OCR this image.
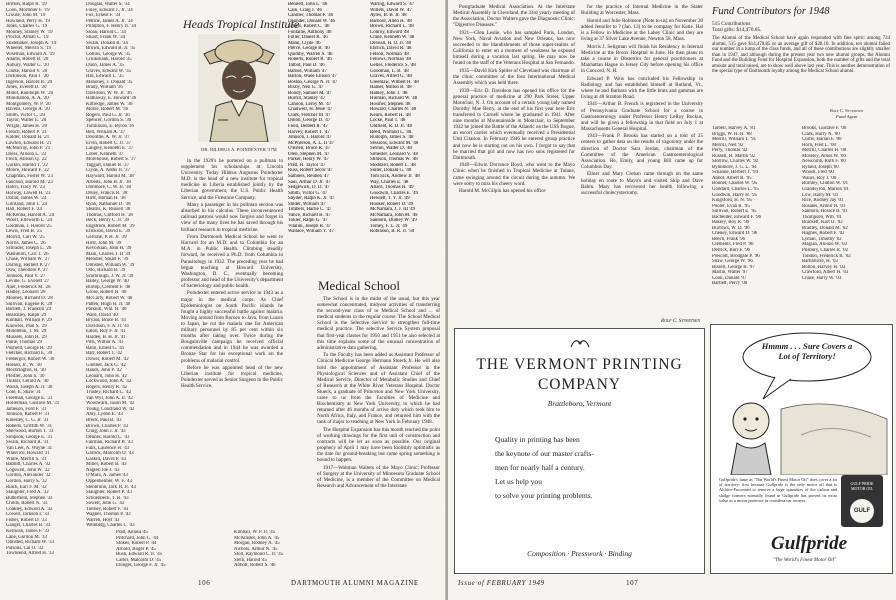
Britton, Ralph R. '19
Coon, Mortimer F. '19
Crouse, John M. '19
Howland, Perry H. '19
Jones, Charles G. '19
Mooney, Stanley W. '19
Proctor, Alman C. '19
Studebaker, Joseph A. '19
Wheeler, Melvin S. '19
Wiseman, Edward A. '19
Adams, Robert B. '20
Aubury, Walter G. '20
Clarke, Harold V. '20
Dickinson, Paul J. '20
Ingersoll, Harold B. '20
Jones, Everett D. '20
Miller, Randolph W. '20
Minidiation, A. A. '20
Montgomery, W. P. '20
Ravens, George A. '20
Smith, Victor C. '20
Taylor, Walter E. '20
Wright, James H. '20
French, Robert P. '21
Kidder, Donald H. '21
Lawton, Edward H. '21
McMurray, John P. '21
Davis, Allison L. '22
Finch, Allison Q. '22
Gurkin, Harold T. '22
Moore, Howard F. '22
Chapman, Foster W. '23
Fanchon, Harold M. '23
Hatch, Tracy W. '23
Holway, Lowell H. '23
Dollar, James W. '24
Gilliland, John T. '24
Hall, Robert F. '24
McKenna, Harold A. '24
Woolf, Ellsworth L. '24
Goldman, J. Harold '25
Lewis, Fred B. '25
Morrill, Carl W. '25
Norris, James C. '26
Schrader, Joseph L. '26
Washburn, Carl T. '26
Chase, William W. '27
Darling, Herbert P. '27
Dow, Theodore P. '27
Johnson, Paul V. '27
Levine, G. Everett '27
Auer, Frederick M. '28
Hadley, Leonard '28
Mooney, Richard D. '28
Sullivan, Eugene R. '28
Bartlett, J. Franklin '29
Beardsley, Ralph '29
Kimball, William P. '29
Knowles, Paul S. '29
Middleton, T. M. '29
Mussels, John H. '29
Paine, Thomas '29
Pusfield, George H. '29
Fletcher, Richard E. '30
Frebergor, Robert W. '30
Holsen, Jr., W. '30
Mochrington, H. '30
Pfeiffer, John S. '30
Tinkler, Gerald A. '30
Walsh, Joseph A. Jr. '30
Cole, E. Shaw '31
Freeman, George E. '31
Hollerman, Gustave M. '31
Jameson, Ford F. '31
Johnson, Robert P. '31
Kinesiey, C. G. Jr. '31
Roberts, Griffith W. '31
Sherwood, Burton T. '31
Simpson, George E. '31
Swain, Richard R. '31
Van Leer, A. Wayne '31
Wlasvico, Howard '31
White, Merrill S. '31
Babbitt, Charles A. '32
Cogswell, John W. '32
Gordon, Alexander '32
Gordon, Harry S. '32
Riach, Earl F. M. '32
Slaughter, Fred A. '32
Butterfield, Stephen '33
Childs, Robert N. '33
Coakley, Edward A. '33
Cowell, Jackson I. '33
Fisher, Robert D. '33
Gauger, Charles B. '33
Kerruish, James F. '33
Lane, Gordon M. '33
Olmsted, Richard W. '33
Parsons, Cal O. '33
Townsend, Alfred H. '33
Douglas, Walter S. '34
Foley, Edward J., Jr. '34
Fox, Ernest F. '34
Petrine, James A. Jr. '34
Plimpton, F. Henry Jr. '34
Sloan, Harold C. '34
Stuart, Frank W. '34
Swain, Donald R. '34
Brown, Edward B. Jr. '35
Collins, George W. '35
Cruikshank, Harold '35
Dunn, James A. '35
Graves, Edward W. '35
Hill, Edward L. '35
Mahoney, J. Donald '35
Brady, William '36
Davidson, W. W. Jr. '36
Hathaway, E. Howard '36
Kittredge, James W. '36
Morse, Robert M. '36
Rogers, Paul G. Jr. '36
Spencer, Gordon S. '36
Tomlinson, E. Byron '36
Bell, William A. '37
Doolittle, A. W. Jr. '37
Ervin, Robert C. Jr. '37
Langley, Kenneth E. '37
Lober, Kenneth '37
Morehouse, Robert S. '37
Taggart, Daniel B. '37
Clyde, A. Addis Jr. '37
Hayward, Harold M. '38
Arbeitz, John B. Jr. '38
Dimmore, C. W. Jr. '38
Druey, Francis R. '38
Hirst, Homan H. '38
Ryan, Nathaniel D. '38
Stearns, K. Russell '38
Thomas, Clifford H. '38
Beck, Henry C. Jr. '39
Engstrom, Robert M. '39
Erickson, David E. '39
Gerrone, P. H. Jr. '39
Hirst, John M. '39
Kevorkian, John H. '39
Main, Charles T. II '39
Mendier, Stuart F. '39
Olmsted, William W. '39
Otto, Richard B. '39
Scarbrough, J. W. Jr. '39
Bailey, George W. '40
Burtop, Clement F. '40
Grose, Robert H. '40
McCarty, Robert W. '40
Patten, Hugh H. Jr. '40
Parkhill, Wm. H. '40
Ward, David '40
Bryant, Bruce B. '41
Davidson, F. A. Jr. '41
Eaton, Roy F. Jr. '41
Hardee, B. H. Jr. '41
Pitts, Wilbur A. '41
Rahn, Ernest G. '41
Barr, Robert T. '42
Dower, Robert M. '42
Gunther, Jack G. '42
Hands, John P. '42
Leonard, John H. '42
Lockwood, John A. '42
Rogers, Henry R. '42
Trustey, Richard C. '42
Van Wyl, John A. Jr. '42
Woodward, Jason M. '42
Young, Courtland W. '42
Amy, Lydon E. '43
Breck, Paul B. '43
Brown, Charles P. '43
Craig, John J. Jr. '43
Dennes, Harold C. '43
Fairman, Richard B. '43
Falls, Laurence H. '43
Garlick, Malcolm O. '43
Gaskill, David P. '43
Miller, Robert B. '43
Nagler, Joe J. '43
O'Mara, A. James '43
Oppenheimer, W. F. '43
Stenbrunn, Jack H. Jr. '43
Slaughter, Robert P. '43
Schoenbeck, T. R. '43
Sowell, John G. '43
Tierney, Robert F. '43
Wagner, Thomas P. '43
Warren, Hoyt '43
Weinberg, Charles L. '43
Pratt, Amasa '45
Pritchard, John C. '44
Stokes, Robert P. '44
Arnold, Roger P. '45
Bush, Edward R. Jr. '45
Carter, Malcolm D. '45
Ehinger, George F. Jr. '45
Heads Tropical Institute
DR. HILDRUS A. POINDEXTER '27M

In the 1920's he portered on a pullman to supplement his scholarships at Lincoln University. Today Hildrus Augustus Poindexter M.D. is the head of a new institute for tropical medicine in Liberia established jointly by the Liberian government, the U.S. Public Health Service, and the Firestone Company.

Many a passenger in his pullman section was absorbed in his calculus. These inconvenienced railroad patrons would now forgive and forget in view of the many lives he has saved through his brilliant research in tropical medicine.

From Dartmouth Medical School he went to Harvard for an M.D. and to Columbia for an M.A. in Public Health. Climbing steadily forward, he received a Ph.D. from Columbia in Parasitology in 1932. The preceding year he had begun teaching at Howard University, Washington, D. C., eventually becoming professor and head of the University's department of bacteriology and public health.

Poindexter entered active service in 1943 as a major in the medical corps. As Chief Epidemiologist on South Pacific islands he fought a highly successful battle against malaria. Moving around from Borneo to Java, from Luzon to Japan, he cut the malaria rate for American military personnel by 85 per cent within six months after taking over. Twice during the Bougainville campaign he received official commendation and in 1944 he was awarded a Bronze Star for his exceptional work on the problems of malarial control.

Before he was appointed head of the new Liberian institute for tropical medicine, Poindexter served as Senior Surgeon in the Public Health Service.

Medical School

The School is in the midst of the usual, but this year somewhat concentrated, midyear activities of transferring the second-year class of to Medical School and ... of medical students in the regular course. The School Medical School is the Selective Service to strengthen full-time medical practice. The selective Service System proposal that first-year classes for 1950 and 1951 be also selected at this time explains some of the unusual concentration of administrative data gathering.

To the Faculty has been added as Assistant Professor of Clinical Medicine George Hermann Stueck Jr. He will also hold the appointment of Assistant Professor in the Physiological Sciences and of Assistant Chief of the Medical Service, Director of Metabolic Studies and Chief of Research at the White River Veterans Hospital. Doctor Stueck, a graduate of Princeton and New York University, came to us from the Faculties of Medicine and Biochemistry at New York University, to which he had returned after 46 months of active duty which took him to North Africa, Italy, and France, and returned him with the rank of major to teaching at New York in February 1948.

The Hospital Expansion has this month reached the point of working drawings for the first unit of construction and contracts will be let as soon as possible. Our original prophecy of April 1 may have been foolishly optimistic as the date for ground-breaking but come spring something is bound to happen.

1917—Waltman Walters of the Mayo Clinic, Professor of Surgery at the University of Minnesota Graduate School of Medicine, is a member of the Committee on Medical Research and Advancement of the Interstate

Kimball, W. P. Jr. '45
McAllister, John A. '45
Morgan, Rodney A. '45
Nichols, Arthur N. '45
Stoll, Raymond C. Jr. '45
Stein, Harold '45
Abbott, Robert S. '46
106	DARTMOUTH ALUMNI MAGAZINE
Bennett, John L. '46
Cain, Craig J. '46
Candler, Thomas F. '46
Daunder, Donald W. '46
Eckels, Robert C. '46
Fontaine, Anthony '46
Fuller, Daniel B. '46
Mann, Clyde '46
Pierce, George B. '46
Quimby, Warren S. '46
Roberts, Robert R. '46
Talbot, Paul D. '46
Barnes, William '47
Barton, Wade Ellison '47
Boston, George N. Jr. '47
Bixby, Neil G. '47
Boody, Samuel M. '47
Burrill, Stanley '47
Cahoon, Leroy M. '47
Chadwell, H. Jesse '47
Clark, Fletcher III '47
Dillon, George D. '47
Field, Delbert R. '47
Harvey, Robert T. '47
Johnson, J. Harold '47
McPherson, A. L. II '47
O'Brien, Bruce R. '47
Olen, Stephen M. '47
Parker, Henry W. '47
Pratt, H. Taylor '47
Russ, Robert Secor '47
Samuels, Reuben '47
Saul, Arthur D. Jr. '47
Sedgewick, D. D. '47
Smith, Victor G. '47
Snyder, Ralph K. Jr. '47
Snider, William '47
Timbers, Harlie C. '47
Vance, Richard B. '47
Tokler, Ralph G. '47
Vitalini, Joseph B. '47
Wallace, William Y. '47
Waring, Edward S. '47
Willets, David W. '47
Ayres, B. B. Jr. '48
Barbour, Allen H. '48
Brown, Richard L. '48
Conroy, Edward '48
Crane, Kenneth W. '48
Deveall, H. O. Jr. '48
Ehrlich, David R. '48
Fefson, Norman '48
Fellows, Norman '48
Gelles, Frederick S. '48
Goodman, L. B. '48
Graves, Alfred G. '48
Greenlaw, Wilbert H. '48
Hamer, Milton B. '48
Hanley, John T. '48
Hinman, Richard W. '48
Hosmer, Stephen '48
Howard, Charles N. '48
Kearn, Robert H. '48
Locke, Paul T. '48
Oldfield, R. D. Jr. '48
Reed, Warland L. '48
Rudolph, James S. '48
Sessions, Edward M. '48
Sexton, Walter D. '48
Simester, Leonard V. '48
Stimson, Thomas W. '48
Stoddard, Robert L. '48
Suiter, Donald G. '48
Tom Eick, Andrew Jr. '48
Way, Charles E. '48
Allard, Thomas H. '49
Goodwin, Charles E. '49
Hewlett, T. Y. Jr. '49
Hooker, Robert D. '49
McNamara, J. J. III '49
McNamara, John M. '49
Sanborn, Dudley W. '49
Tomey, F. L. Jr. '49
Robinson, R. R. Jr. '50

Postgraduate Medical Association. At the Interstate Medical Assembly in Cleveland, the 33rd yearly meeting of the Association, Doctor Walters gave the Diagnostic Clinic: "Digestive Diseases."

1921—Glen Leslie, who has sampled Paris, London, New York, Naval Aviation and New Orleans, has now succeeded to the blandishments of those super-realms of California to enter on a moment of weakness he exposed himself during a vacation last spring. He may now be found on the staff of the Veterans Hospital at San Fernando.

1935—David Kirk Spitler of Cleveland was chairman of the clinic committee of the four Intermational Medical Assembly which was held there.

1939—Eric D. Davidson has opened his office for the general practice of medicine at 290 Park Street, Upper Montclair, N. J. On account of a certain young lady named Dorothy Mae Berry, at the end of his first year here Eric transferred to Cornell where he graduated in 1941. After nine months at Mountainside in Montclair, in September 1942 he joined the Battle of the Atlantic on the USS Bogue, an escort carrier which eventually received a Presidential Unit Citation. In February 1946 he entered group practice and now he is starting out on his own. I forgot to say that he married that girl and now has two sons registered for Dartmouth.

1940—Edwin Dorrance Boyd, who went to the Mayo Clinic when he finished in Tropical Medicine at Tulane, came swinging around the circuit during the autumn. We were sorry to miss his cheery word.

Harold M. McGilpin has opened his office

for the practice of Internal Medicine in the Slater Building at Worcester, Mass.

Harold and Julie Robinson (Note to-us) on November 30 added Jennifer to ? (Jan. 13) to be company for Katie. Hal is a Fellow in Medicine at the Lahey Clinic and they are living at 37 Silver Lake Avenue, Newton 58, Mass.

Morris J. Seligman will finish his Residency in Internal Medicine at the Bronx Hospital in June. He then plans to take a course in Obstetrics for general practitioners at Manhattan Hague in Jersey City before opening his office in Concord, N. H.

Edward P. Weis has concluded his Fellowship in Radiology and has established himself at Rutland, Vt., where he and Barbara with the little brats and gammas are living at 48 Stratton Road.

1941—Arthur B. French is registered in the University of Pennsylvania Graduate School for a course in Gastroenterology under Professor Henry LeRoy Bockus, and will be given a fellowship in that field on July 1 at Massachusetts General Hospital.

1943—Frank P. Brooks has started on a tour of 25 centers to gather data on the results of vagotomy under the direction of Doctor Sara Jordan, chairman of the Committee of the American Gastroenterological Association. He, Emily, and young Bill came up for Columbus Day.

Elmer and Mary Creban came through on the same holiday en route to Mayo's and visited Skip and Dave Rabin. Mary has recovered her health following a successful cholecystectomy.

Rolf C. Syvertsen
Fund Contributors for 1948
515 Contributions
Total gifts: $14,470.85.
The Alumni of the Medical School have again responded with fine spirit: among 724 alumni, 515 gave $14,470.85 or an average gift of $28.10. In addition, ten alumni failed our number in a lump of the class funds, and all of these contributions are slightly smaller than in 1947, and although during the present year two new alumni groups, the Alumni Fund and the Building Fund for Hospital Expansion, both the number of gifts and the total amount and total raised, are to show well above last year. This is another demonstration of the special type of Dartmouth loyalty among the Medical School alumni.
Rolf C. Syvertsen
Fund Agent
Tarbell, Harvey A. '81
Briggs, W. H. H. '88
Merrill, William T. '91
Merrill, Ned '92
Perry, Thomas '92
Russell, H. Martin '92
Storrow, Charles W. '92
Bynnmore, J. G. L. '94
Schanne, Herbert T. '94
Abbot, Albert B. '95
Bonner, Charles W. '95
Goddard, Charles L. '95
Goodwin, Harry H. '95
Kingsford, H. N. '95
Pooler, Evan R. '95
Sullivan, Robert E. '95
Bachelder, Edward F. '96
Bakery, Roy R. '96
Burrows, W. D. '96
Cheney, Edward D. '96
Beech, Frank '96
Clements, Fred P. '96
Derrick, Burr F. '96
Prescott, Brodgate P. '96
Shaw, George W. '96
Bissell, George B. '97
Martin, Walter '97
Cook, Donald '97
Bartlett, Percy '00
Brooks, Gustave F. '00
Clark, Harry N. '00
Curtis, Harlan F. '00
Horn, Fred L. '00
Merrill, Charles H. '00
Moseley, Amos W. '00
Newcomb, Ruth F. '00
Ryland, Joseph '00
Woods, Fred '00
Waurs, Roy J. '00
Burnley, Clinton W. '01
Grandsyron, Marion '01
Low, Harry M. '01
Rice, Rodney Jay '01
Rosales, Arthur H. '01
Sanborn, Horace B. '01
Thompson, Wm. '01
Brackett, Karl O. '02
Bradley, Donald M. '02
Hughes, Robert F. '02
Lyman, Timothy '02
Magian, Alonzo W. '02
Pilsbury, Charles R. '02
Tondon, Frederick R. '02
Barbarioxe, H. '03
Bolton, Harvey H. '03
Crawford, Albert H. '03
Chase, Harry W. '03
THE VERMONT PRINTING COMPANY
Brattleboro, Vermont
Quality in printing has been
the keynote of our master crafts-
men for nearly half a century.
Let us help you
to solve your printing problems.
Composition · Presswork · Binding
Hmmm . . . Sure Covers a Lot of Territory!
Gulfpride's fame as "The World's Finest Motor Oil" does cover a lot of territory: first because Gulfpride is the only motor oil that is Alchlor-Processed to remove a large quantities of the carbon and sludge formers normally found in Gulfpride has proved its extra value as a motor protector in countless car owners.
GULF PRIDE MOTOR OIL
GULF
Gulfpride
"The World's Finest Motor Oil"
Issue of FEBRUARY 1949	107
